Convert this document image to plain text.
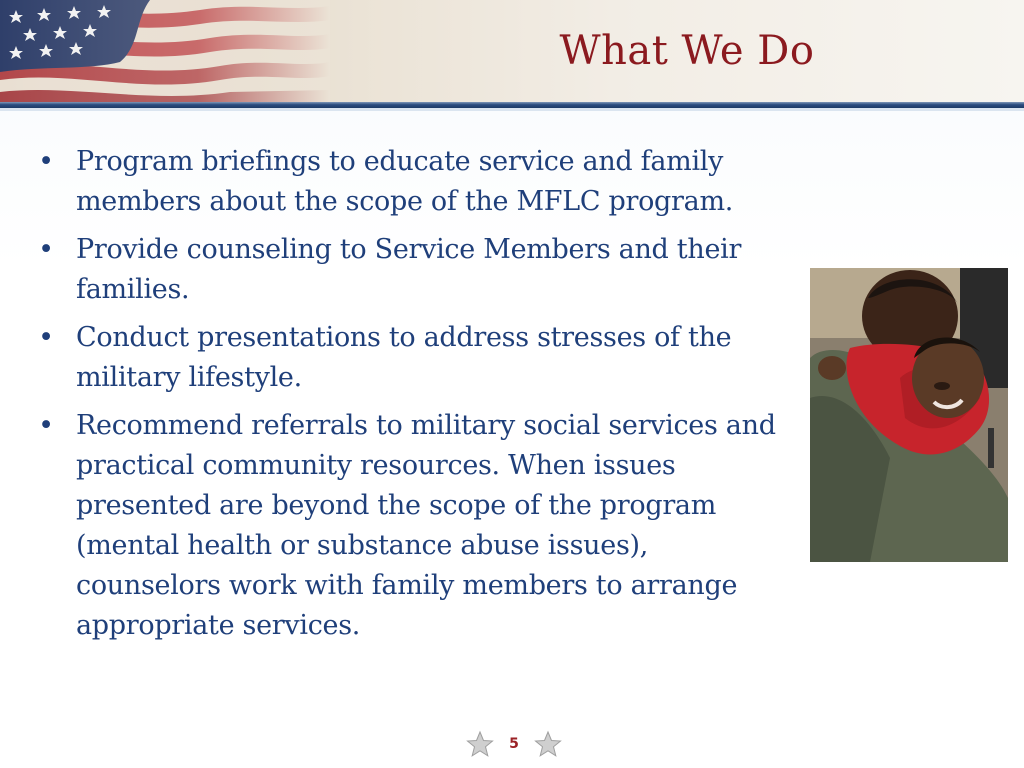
What We Do
• Program briefings to educate service and family members about the scope of the MFLC program.
• Provide counseling to Service Members and their families.
• Conduct presentations to address stresses of the military lifestyle.
• Recommend referrals to military social services and practical community resources. When issues presented are beyond the scope of the program (mental health or substance abuse issues), counselors work with family members to arrange appropriate services.
5
